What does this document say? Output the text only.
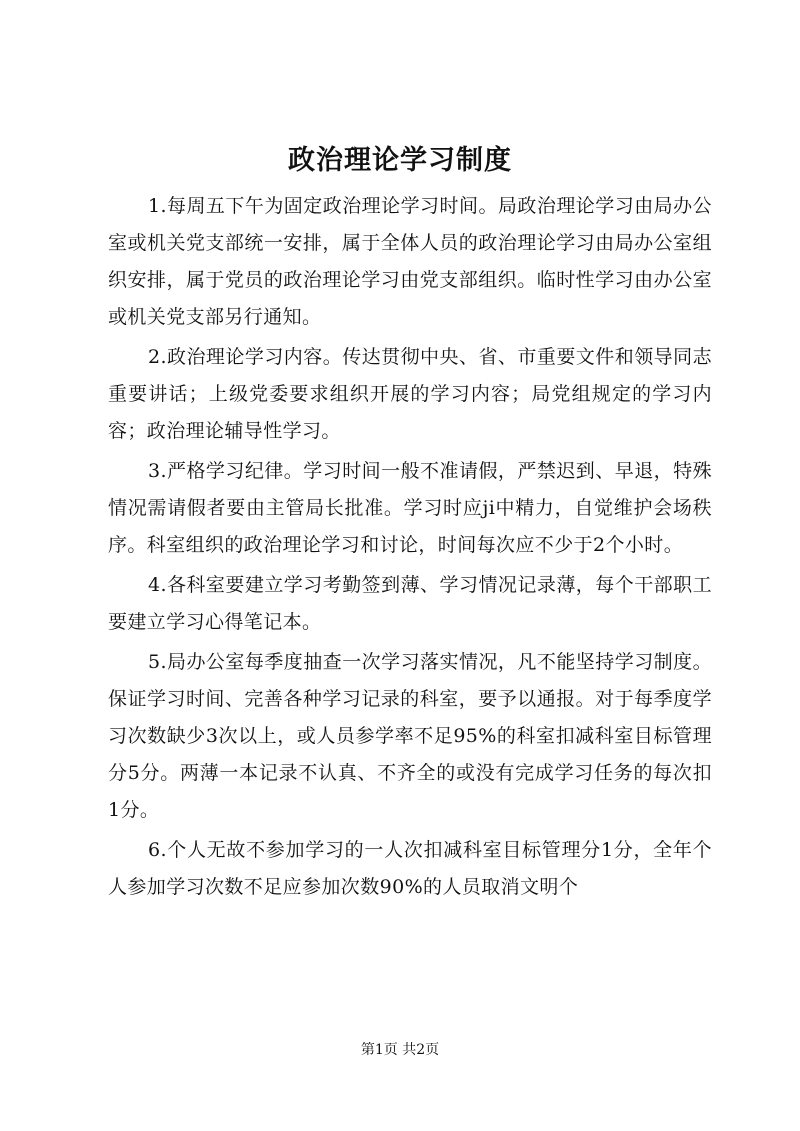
政治理论学习制度

1.每周五下午为固定政治理论学习时间。局政治理论学习由局办公室或机关党支部统一安排，属于全体人员的政治理论学习由局办公室组织安排，属于党员的政治理论学习由党支部组织。临时性学习由办公室或机关党支部另行通知。

2.政治理论学习内容。传达贯彻中央、省、市重要文件和领导同志重要讲话；上级党委要求组织开展的学习内容；局党组规定的学习内容；政治理论辅导性学习。

3.严格学习纪律。学习时间一般不准请假，严禁迟到、早退，特殊情况需请假者要由主管局长批准。学习时应ji中精力，自觉维护会场秩序。科室组织的政治理论学习和讨论，时间每次应不少于2个小时。

4.各科室要建立学习考勤签到薄、学习情况记录薄，每个干部职工要建立学习心得笔记本。

5.局办公室每季度抽查一次学习落实情况，凡不能坚持学习制度。保证学习时间、完善各种学习记录的科室，要予以通报。对于每季度学习次数缺少3次以上，或人员参学率不足95%的科室扣减科室目标管理分5分。两薄一本记录不认真、不齐全的或没有完成学习任务的每次扣1分。

6.个人无故不参加学习的一人次扣减科室目标管理分1分，全年个人参加学习次数不足应参加次数90%的人员取消文明个

第1页 共2页
